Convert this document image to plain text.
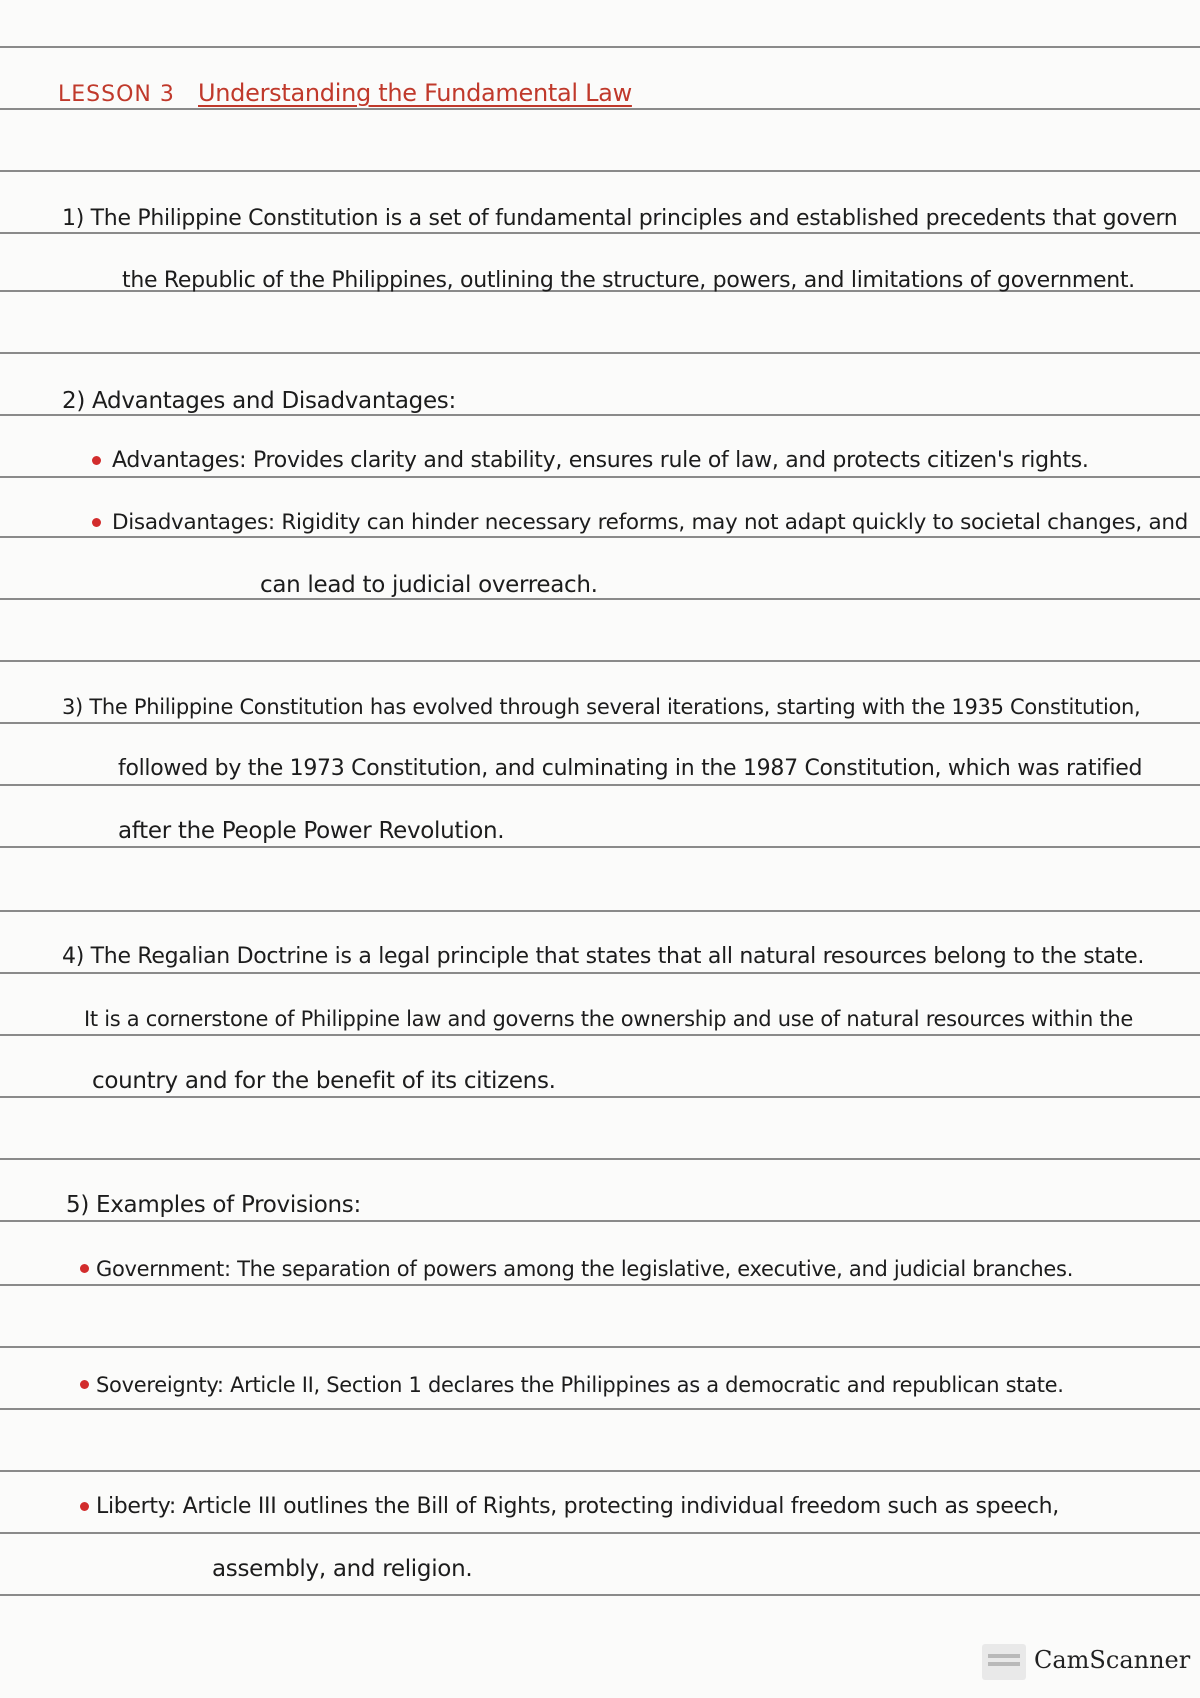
LESSON 3 Understanding the Fundamental Law
1) The Philippine Constitution is a set of fundamental principles and established precedents that govern
the Republic of the Philippines, outlining the structure, powers, and limitations of government.
2) Advantages and Disadvantages:
Advantages: Provides clarity and stability, ensures rule of law, and protects citizen's rights.
Disadvantages: Rigidity can hinder necessary reforms, may not adapt quickly to societal changes, and
can lead to judicial overreach.
3) The Philippine Constitution has evolved through several iterations, starting with the 1935 Constitution,
followed by the 1973 Constitution, and culminating in the 1987 Constitution, which was ratified
after the People Power Revolution.
4) The Regalian Doctrine is a legal principle that states that all natural resources belong to the state.
It is a cornerstone of Philippine law and governs the ownership and use of natural resources within the
country and for the benefit of its citizens.
5) Examples of Provisions:
Government: The separation of powers among the legislative, executive, and judicial branches.
Sovereignty: Article II, Section 1 declares the Philippines as a democratic and republican state.
Liberty: Article III outlines the Bill of Rights, protecting individual freedom such as speech,
assembly, and religion.
CamScanner
